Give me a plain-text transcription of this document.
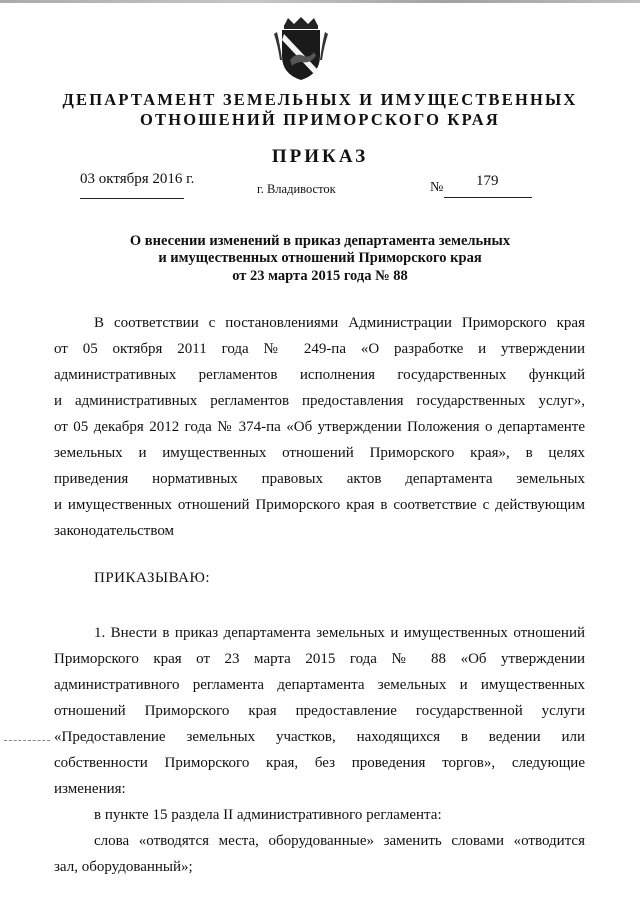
ДЕПАРТАМЕНТ ЗЕМЕЛЬНЫХ И ИМУЩЕСТВЕННЫХ
ОТНОШЕНИЙ ПРИМОРСКОГО КРАЯ
ПРИКАЗ
03 октября 2016 г.
г. Владивосток	№ 179
О внесении изменений в приказ департамента земельных
и имущественных отношений Приморского края
от 23 марта 2015 года № 88
В соответствии с постановлениями Администрации Приморского края
от 05 октября 2011 года № 249-па «О разработке и утверждении
административных регламентов исполнения государственных функций
и административных регламентов предоставления государственных услуг»,
от 05 декабря 2012 года № 374-па «Об утверждении Положения о департаменте
земельных и имущественных отношений Приморского края», в целях
приведения нормативных правовых актов департамента земельных
и имущественных отношений Приморского края в соответствие с действующим
законодательством
ПРИКАЗЫВАЮ:
1. Внести в приказ департамента земельных и имущественных отношений
Приморского края от 23 марта 2015 года № 88 «Об утверждении
административного регламента департамента земельных и имущественных
отношений Приморского края предоставление государственной услуги
«Предоставление земельных участков, находящихся в ведении или
собственности Приморского края, без проведения торгов», следующие
изменения:
в пункте 15 раздела II административного регламента:
слова «отводятся места, оборудованные» заменить словами «отводится
зал, оборудованный»;
